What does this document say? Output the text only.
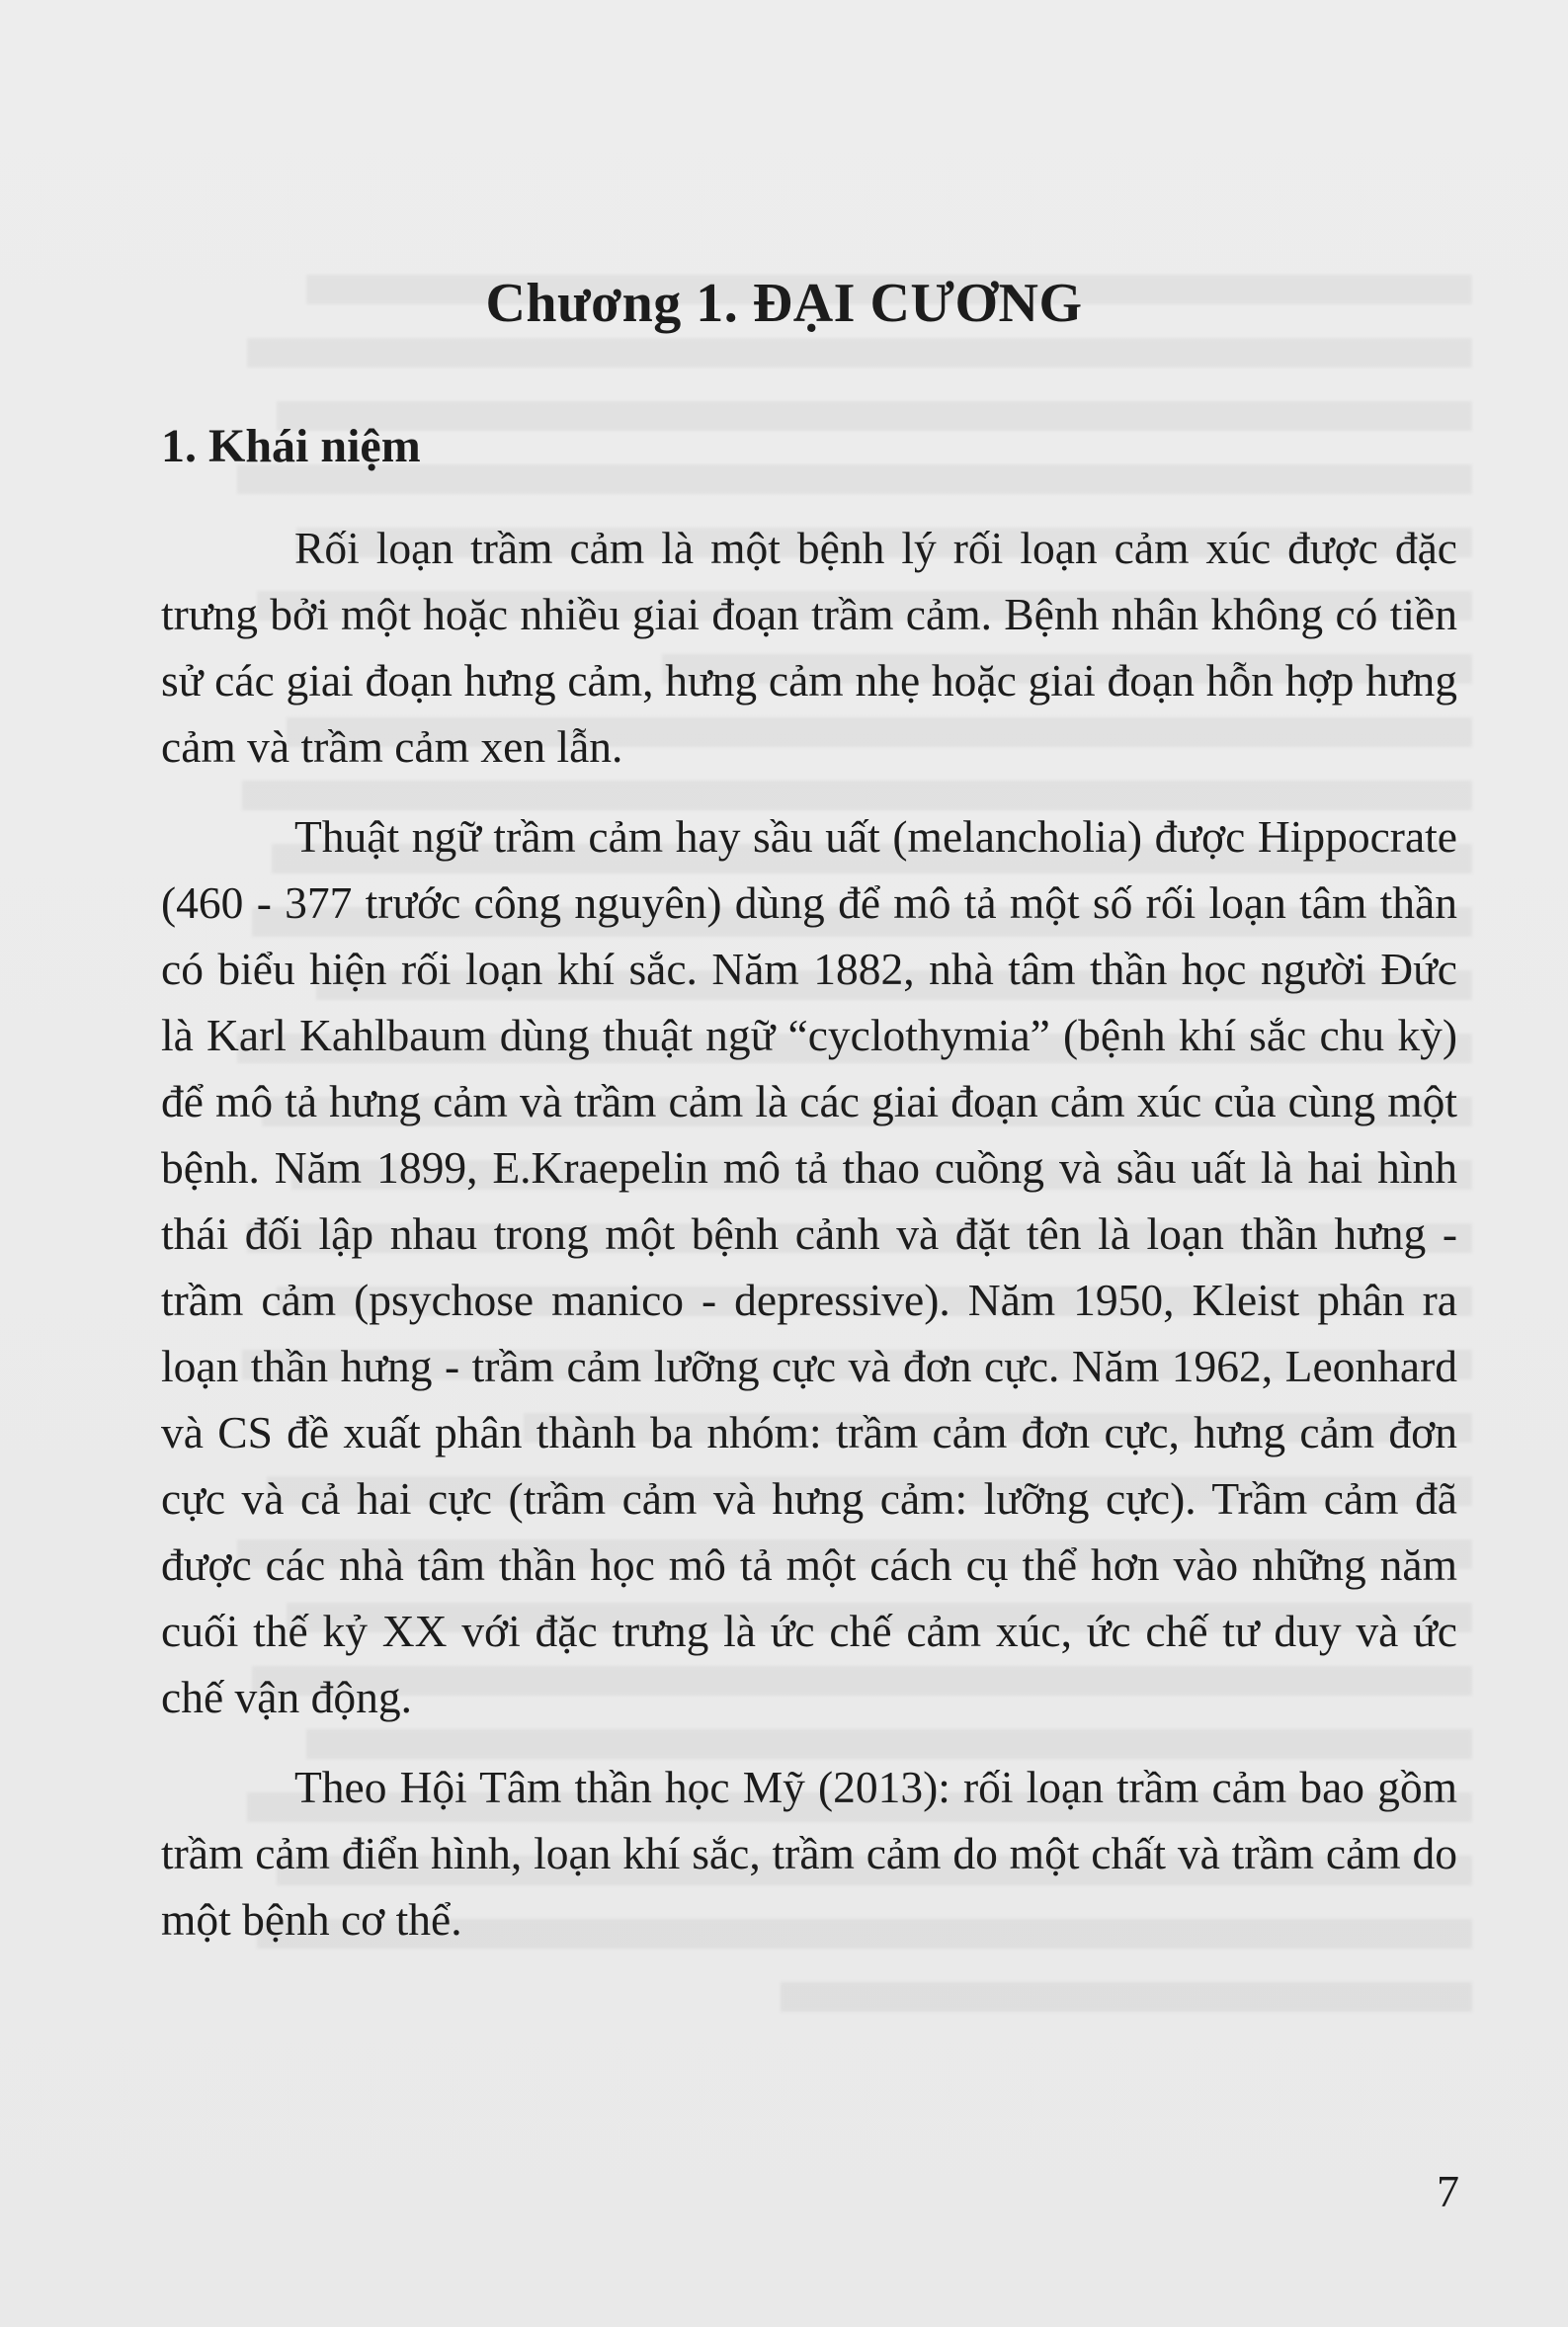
Chương 1. ĐẠI CƯƠNG
1. Khái niệm

Rối loạn trầm cảm là một bệnh lý rối loạn cảm xúc được đặc trưng bởi một hoặc nhiều giai đoạn trầm cảm. Bệnh nhân không có tiền sử các giai đoạn hưng cảm, hưng cảm nhẹ hoặc giai đoạn hỗn hợp hưng cảm và trầm cảm xen lẫn.

Thuật ngữ trầm cảm hay sầu uất (melancholia) được Hippocrate (460 - 377 trước công nguyên) dùng để mô tả một số rối loạn tâm thần có biểu hiện rối loạn khí sắc. Năm 1882, nhà tâm thần học người Đức là Karl Kahlbaum dùng thuật ngữ “cyclothymia” (bệnh khí sắc chu kỳ) để mô tả hưng cảm và trầm cảm là các giai đoạn cảm xúc của cùng một bệnh. Năm 1899, E.Kraepelin mô tả thao cuồng và sầu uất là hai hình thái đối lập nhau trong một bệnh cảnh và đặt tên là loạn thần hưng - trầm cảm (psychose manico - depressive). Năm 1950, Kleist phân ra loạn thần hưng - trầm cảm lưỡng cực và đơn cực. Năm 1962, Leonhard và CS đề xuất phân thành ba nhóm: trầm cảm đơn cực, hưng cảm đơn cực và cả hai cực (trầm cảm và hưng cảm: lưỡng cực). Trầm cảm đã được các nhà tâm thần học mô tả một cách cụ thể hơn vào những năm cuối thế kỷ XX với đặc trưng là ức chế cảm xúc, ức chế tư duy và ức chế vận động.

Theo Hội Tâm thần học Mỹ (2013): rối loạn trầm cảm bao gồm trầm cảm điển hình, loạn khí sắc, trầm cảm do một chất và trầm cảm do một bệnh cơ thể.

7
